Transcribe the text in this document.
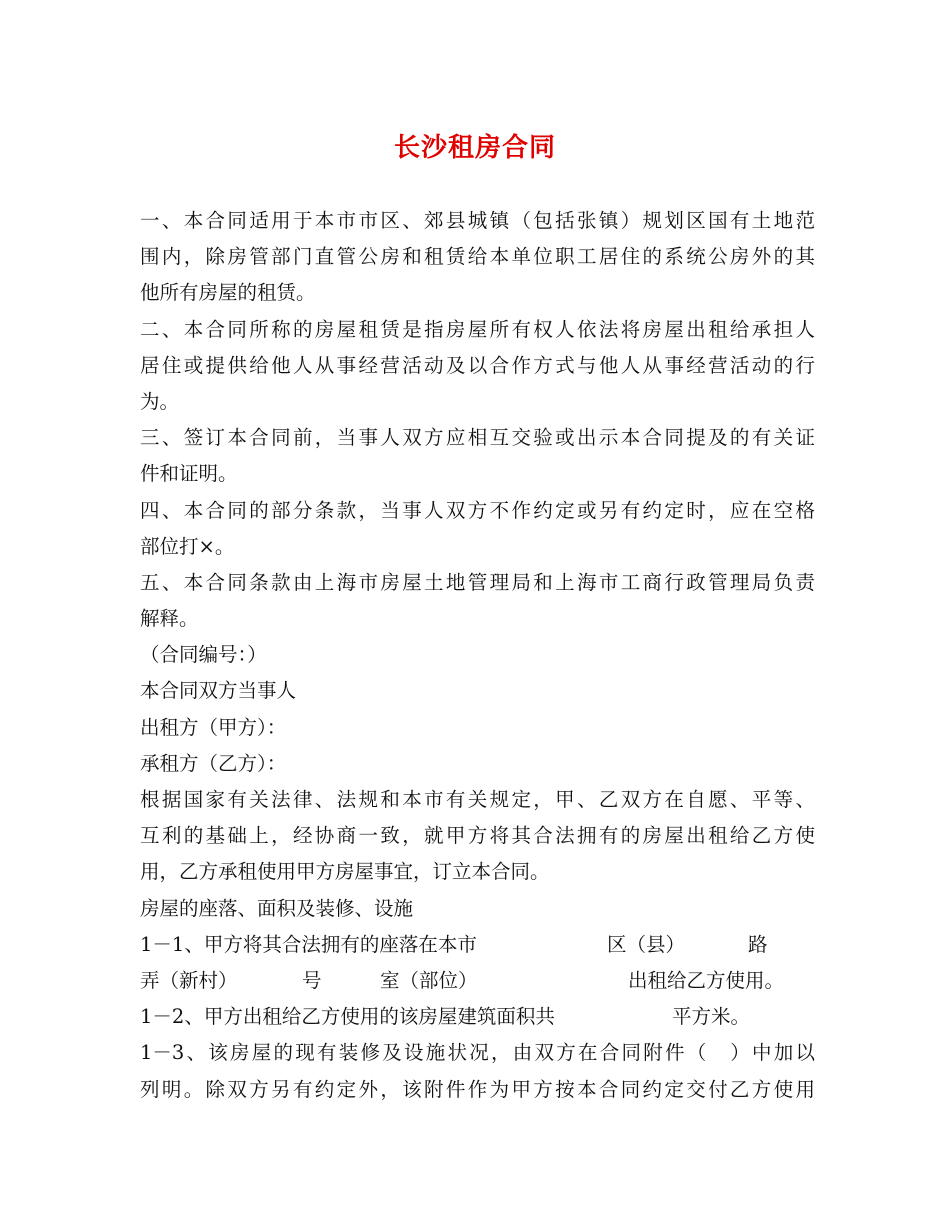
长沙租房合同
一、本合同适用于本市市区、郊县城镇（包括张镇）规划区国有土地范
围内，除房管部门直管公房和租赁给本单位职工居住的系统公房外的其
他所有房屋的租赁。
二、本合同所称的房屋租赁是指房屋所有权人依法将房屋出租给承担人
居住或提供给他人从事经营活动及以合作方式与他人从事经营活动的行
为。
三、签订本合同前，当事人双方应相互交验或出示本合同提及的有关证
件和证明。
四、本合同的部分条款，当事人双方不作约定或另有约定时，应在空格
部位打×。
五、本合同条款由上海市房屋土地管理局和上海市工商行政管理局负责
解释。
（合同编号：）
本合同双方当事人
出租方（甲方）：
承租方（乙方）：
根据国家有关法律、法规和本市有关规定，甲、乙双方在自愿、平等、
互利的基础上，经协商一致，就甲方将其合法拥有的房屋出租给乙方使
用，乙方承租使用甲方房屋事宜，订立本合同。
房屋的座落、面积及装修、设施
1－1、甲方将其合法拥有的座落在本市	区（县）	路
弄（新村）	号	室（部位）	出租给乙方使用。
1－2、甲方出租给乙方使用的该房屋建筑面积共	平方米。
1－3、该房屋的现有装修及设施状况，由双方在合同附件（　）中加以
列明。除双方另有约定外，该附件作为甲方按本合同约定交付乙方使用
